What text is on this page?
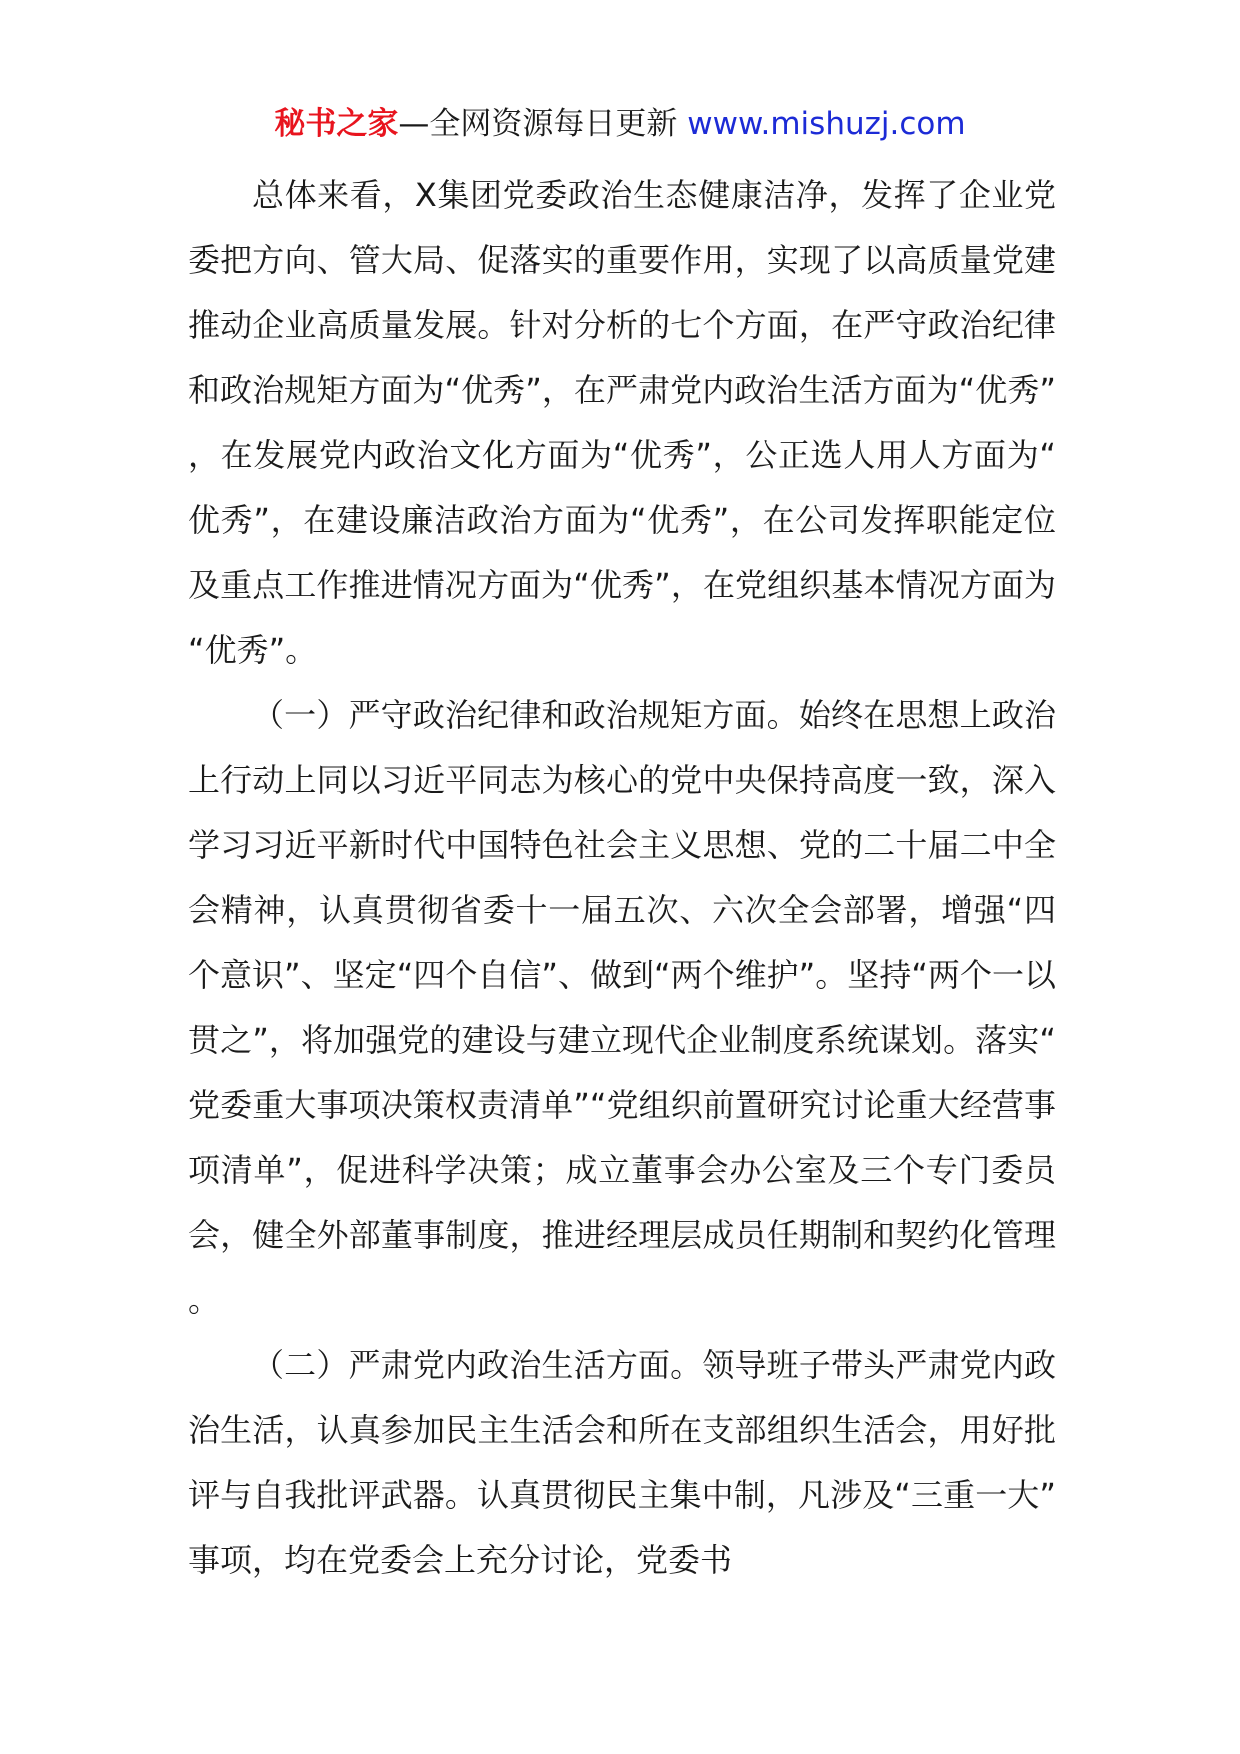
秘书之家—全网资源每日更新 www.mishuzj.com

总体来看，X集团党委政治生态健康洁净，发挥了企业党委把方向、管大局、促落实的重要作用，实现了以高质量党建推动企业高质量发展。针对分析的七个方面，在严守政治纪律和政治规矩方面为“优秀”，在严肃党内政治生活方面为“优秀”，在发展党内政治文化方面为“优秀”，公正选人用人方面为“优秀”，在建设廉洁政治方面为“优秀”，在公司发挥职能定位及重点工作推进情况方面为“优秀”，在党组织基本情况方面为“优秀”。

（一）严守政治纪律和政治规矩方面。始终在思想上政治上行动上同以习近平同志为核心的党中央保持高度一致，深入学习习近平新时代中国特色社会主义思想、党的二十届二中全会精神，认真贯彻省委十一届五次、六次全会部署，增强“四个意识”、坚定“四个自信”、做到“两个维护”。坚持“两个一以贯之”，将加强党的建设与建立现代企业制度系统谋划。落实“党委重大事项决策权责清单”“党组织前置研究讨论重大经营事项清单”，促进科学决策；成立董事会办公室及三个专门委员会，健全外部董事制度，推进经理层成员任期制和契约化管理。

（二）严肃党内政治生活方面。领导班子带头严肃党内政治生活，认真参加民主生活会和所在支部组织生活会，用好批评与自我批评武器。认真贯彻民主集中制，凡涉及“三重一大”事项，均在党委会上充分讨论，党委书
